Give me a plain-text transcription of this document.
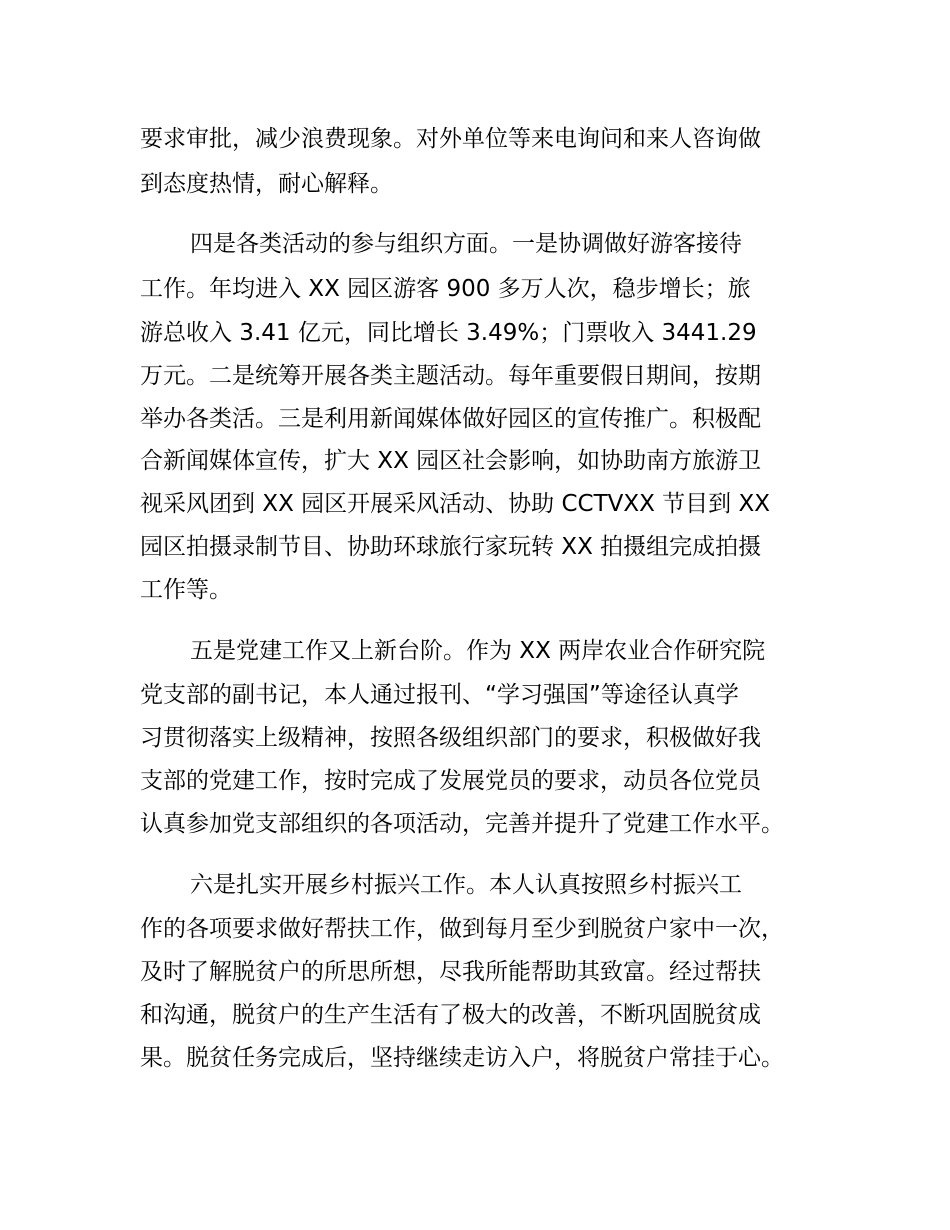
要求审批，减少浪费现象。对外单位等来电询问和来人咨询做
到态度热情，耐心解释。
四是各类活动的参与组织方面。一是协调做好游客接待
工作。年均进入 XX 园区游客 900 多万人次，稳步增长；旅
游总收入 3.41 亿元，同比增长 3.49%；门票收入 3441.29
万元。二是统筹开展各类主题活动。每年重要假日期间，按期
举办各类活。三是利用新闻媒体做好园区的宣传推广。积极配
合新闻媒体宣传，扩大 XX 园区社会影响，如协助南方旅游卫
视采风团到 XX 园区开展采风活动、协助 CCTVXX 节目到 XX
园区拍摄录制节目、协助环球旅行家玩转 XX 拍摄组完成拍摄
工作等。
五是党建工作又上新台阶。作为 XX 两岸农业合作研究院
党支部的副书记，本人通过报刊、“学习强国”等途径认真学
习贯彻落实上级精神，按照各级组织部门的要求，积极做好我
支部的党建工作，按时完成了发展党员的要求，动员各位党员
认真参加党支部组织的各项活动，完善并提升了党建工作水平。
六是扎实开展乡村振兴工作。本人认真按照乡村振兴工
作的各项要求做好帮扶工作，做到每月至少到脱贫户家中一次，
及时了解脱贫户的所思所想，尽我所能帮助其致富。经过帮扶
和沟通，脱贫户的生产生活有了极大的改善，不断巩固脱贫成
果。脱贫任务完成后，坚持继续走访入户，将脱贫户常挂于心。
